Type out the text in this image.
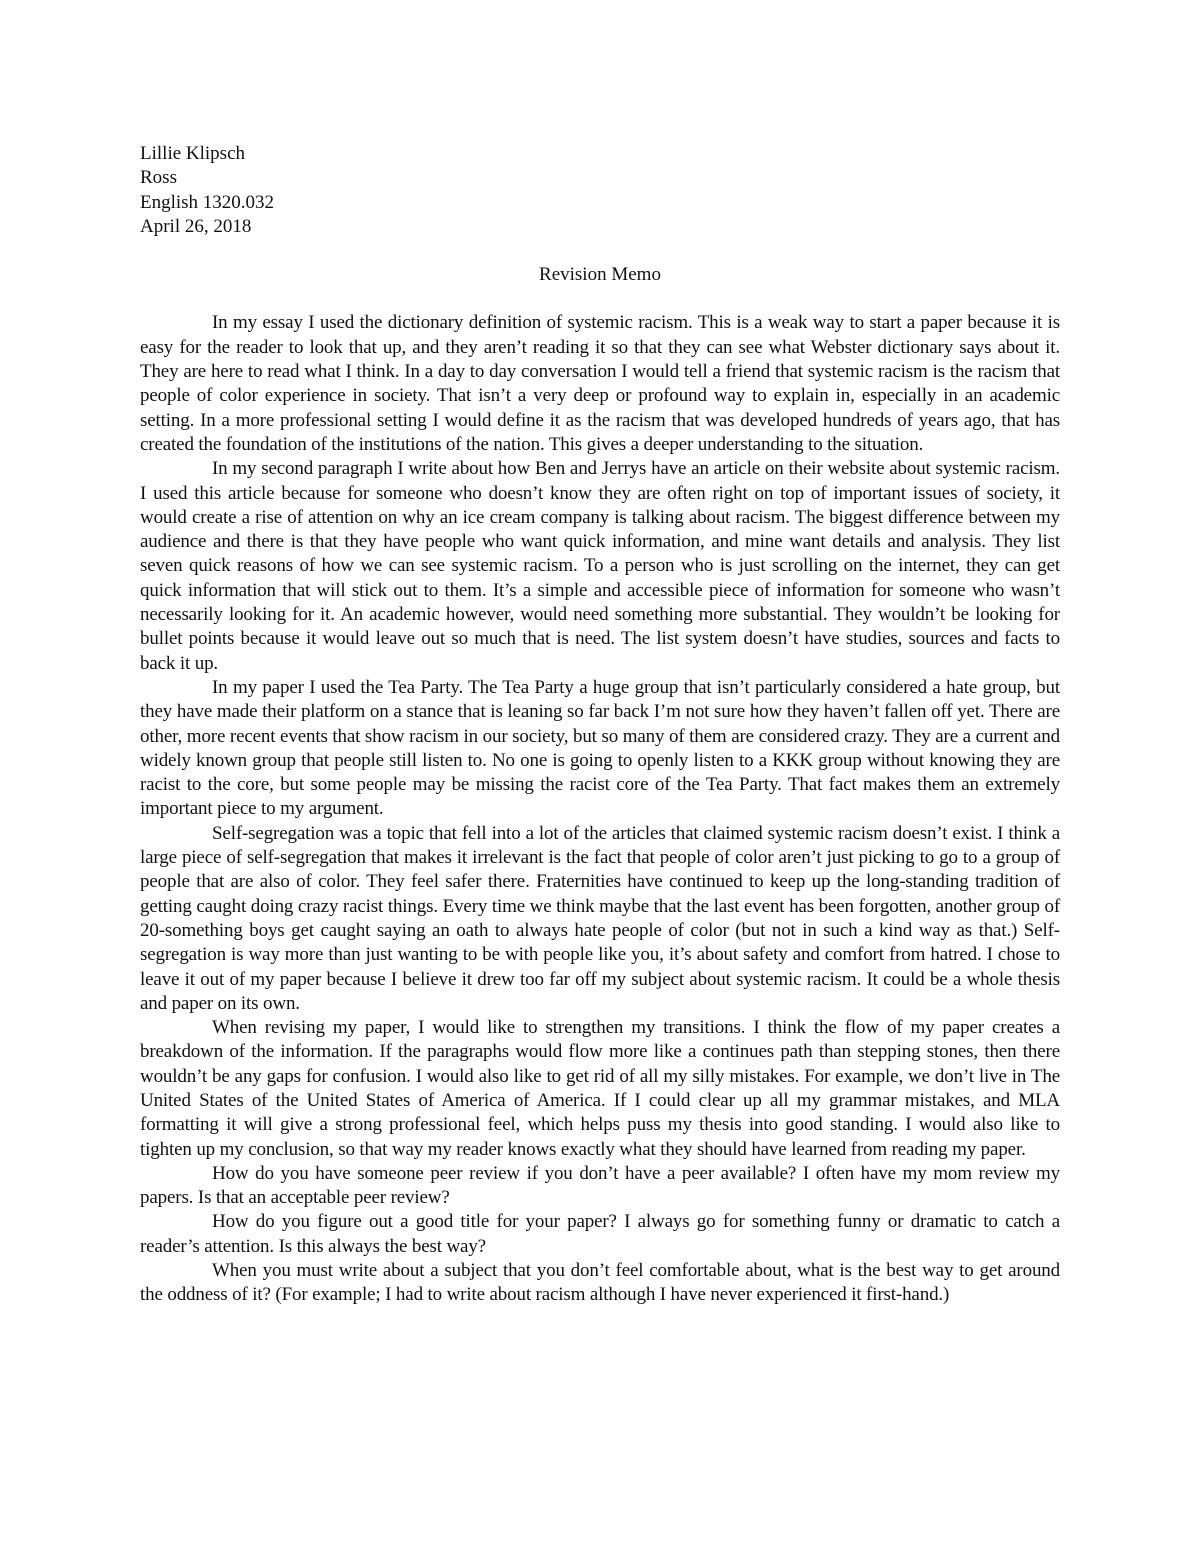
Lillie Klipsch
Ross
English 1320.032
April 26, 2018
Revision Memo

In my essay I used the dictionary definition of systemic racism. This is a weak way to start a paper because it is easy for the reader to look that up, and they aren’t reading it so that they can see what Webster dictionary says about it. They are here to read what I think. In a day to day conversation I would tell a friend that systemic racism is the racism that people of color experience in society. That isn’t a very deep or profound way to explain in, especially in an academic setting. In a more professional setting I would define it as the racism that was developed hundreds of years ago, that has created the foundation of the institutions of the nation. This gives a deeper understanding to the situation.

In my second paragraph I write about how Ben and Jerrys have an article on their website about systemic racism. I used this article because for someone who doesn’t know they are often right on top of important issues of society, it would create a rise of attention on why an ice cream company is talking about racism. The biggest difference between my audience and there is that they have people who want quick information, and mine want details and analysis. They list seven quick reasons of how we can see systemic racism. To a person who is just scrolling on the internet, they can get quick information that will stick out to them. It’s a simple and accessible piece of information for someone who wasn’t necessarily looking for it. An academic however, would need something more substantial. They wouldn’t be looking for bullet points because it would leave out so much that is need. The list system doesn’t have studies, sources and facts to back it up.

In my paper I used the Tea Party. The Tea Party a huge group that isn’t particularly considered a hate group, but they have made their platform on a stance that is leaning so far back I’m not sure how they haven’t fallen off yet. There are other, more recent events that show racism in our society, but so many of them are considered crazy. They are a current and widely known group that people still listen to. No one is going to openly listen to a KKK group without knowing they are racist to the core, but some people may be missing the racist core of the Tea Party. That fact makes them an extremely important piece to my argument.

Self-segregation was a topic that fell into a lot of the articles that claimed systemic racism doesn’t exist. I think a large piece of self-segregation that makes it irrelevant is the fact that people of color aren’t just picking to go to a group of people that are also of color. They feel safer there. Fraternities have continued to keep up the long-standing tradition of getting caught doing crazy racist things. Every time we think maybe that the last event has been forgotten, another group of 20-something boys get caught saying an oath to always hate people of color (but not in such a kind way as that.) Self-segregation is way more than just wanting to be with people like you, it’s about safety and comfort from hatred. I chose to leave it out of my paper because I believe it drew too far off my subject about systemic racism. It could be a whole thesis and paper on its own.

When revising my paper, I would like to strengthen my transitions. I think the flow of my paper creates a breakdown of the information. If the paragraphs would flow more like a continues path than stepping stones, then there wouldn’t be any gaps for confusion. I would also like to get rid of all my silly mistakes. For example, we don’t live in The United States of the United States of America of America. If I could clear up all my grammar mistakes, and MLA formatting it will give a strong professional feel, which helps puss my thesis into good standing. I would also like to tighten up my conclusion, so that way my reader knows exactly what they should have learned from reading my paper.

How do you have someone peer review if you don’t have a peer available? I often have my mom review my papers. Is that an acceptable peer review?

How do you figure out a good title for your paper? I always go for something funny or dramatic to catch a reader’s attention. Is this always the best way?

When you must write about a subject that you don’t feel comfortable about, what is the best way to get around the oddness of it? (For example; I had to write about racism although I have never experienced it first-hand.)
